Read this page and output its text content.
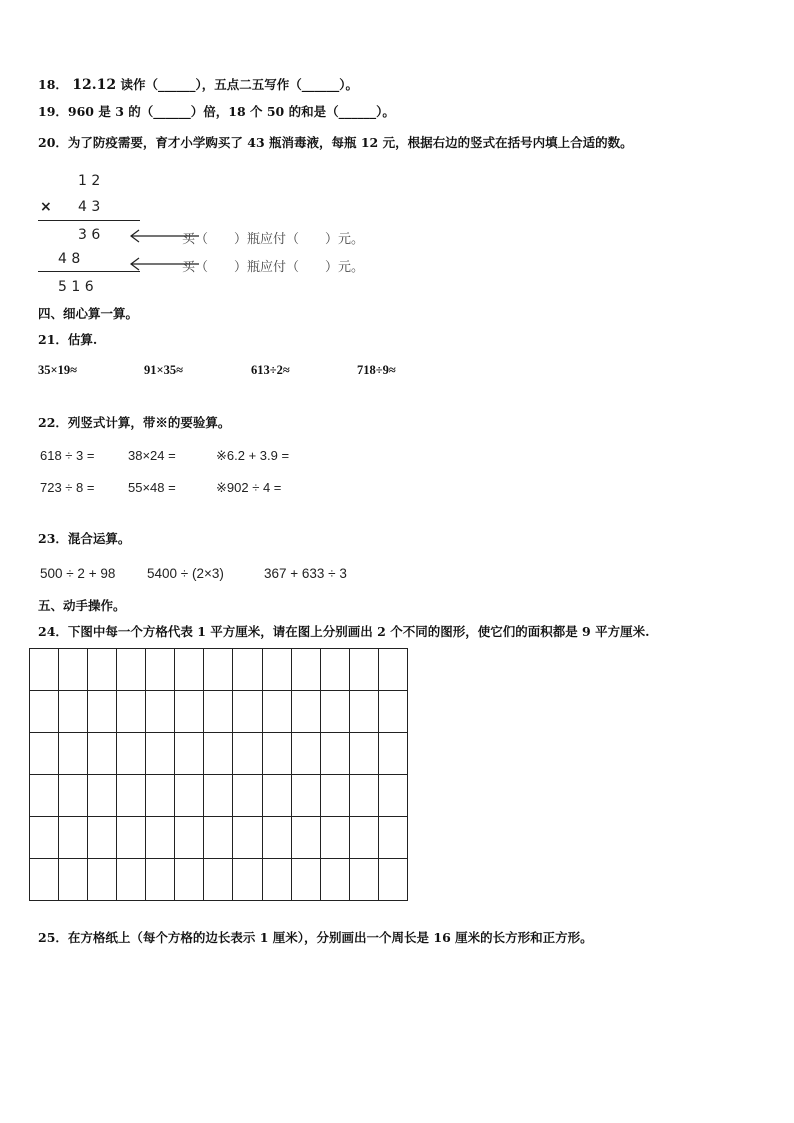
18． 12.12 读作（______），五点二五写作（______）。
19．960 是 3 的（______）倍，18 个 50 的和是（______）。
20．为了防疫需要，育才小学购买了 43 瓶消毒液，每瓶 12 元，根据右边的竖式在括号内填上合适的数。
1 2
× 4 3
3 6
4 8
5 1 6
买（　　）瓶应付（　　）元。
买（　　）瓶应付（　　）元。
四、细心算一算。
21．估算.
35×19≈	91×35≈	613÷2≈	718÷9≈
22．列竖式计算，带※的要验算。
618 ÷ 3 =	38×24 =	※6.2 + 3.9 =
723 ÷ 8 =	55×48 =	※902 ÷ 4 =
23．混合运算。
500 ÷ 2 + 98 5400 ÷ (2×3)	367 + 633 ÷ 3
五、动手操作。
24．下图中每一个方格代表 1 平方厘米，请在图上分别画出 2 个不同的图形，使它们的面积都是 9 平方厘米.

25．在方格纸上（每个方格的边长表示 1 厘米），分别画出一个周长是 16 厘米的长方形和正方形。
